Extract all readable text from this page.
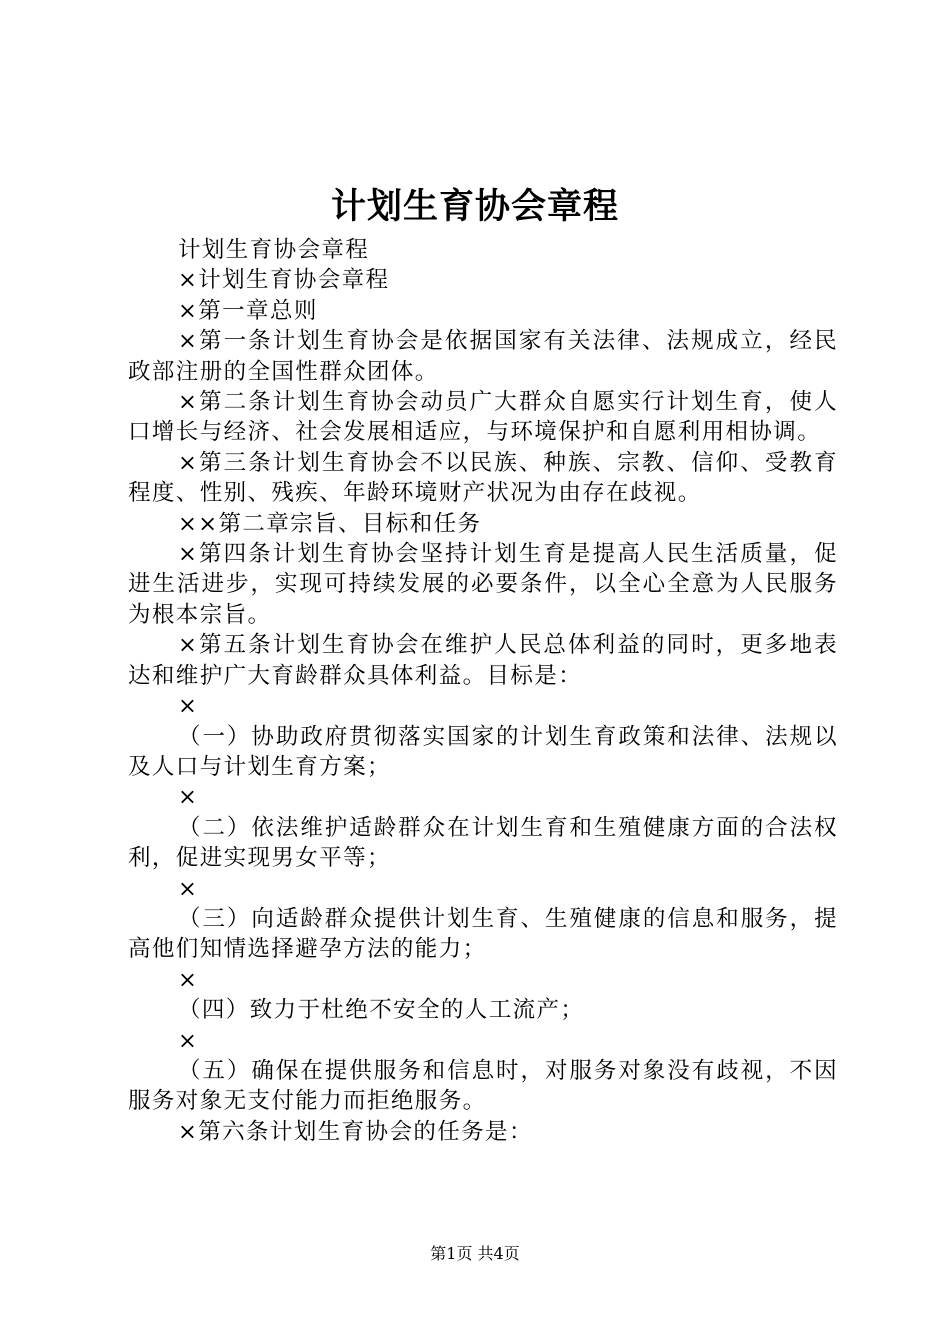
计划生育协会章程

计划生育协会章程

×计划生育协会章程

×第一章总则

×第一条计划生育协会是依据国家有关法律、法规成立，经民政部注册的全国性群众团体。

×第二条计划生育协会动员广大群众自愿实行计划生育，使人口增长与经济、社会发展相适应，与环境保护和自愿利用相协调。

×第三条计划生育协会不以民族、种族、宗教、信仰、受教育程度、性别、残疾、年龄环境财产状况为由存在歧视。

××第二章宗旨、目标和任务

×第四条计划生育协会坚持计划生育是提高人民生活质量，促进生活进步，实现可持续发展的必要条件，以全心全意为人民服务为根本宗旨。

×第五条计划生育协会在维护人民总体利益的同时，更多地表达和维护广大育龄群众具体利益。目标是：

×

（一）协助政府贯彻落实国家的计划生育政策和法律、法规以及人口与计划生育方案；

×

（二）依法维护适龄群众在计划生育和生殖健康方面的合法权利，促进实现男女平等；

×

（三）向适龄群众提供计划生育、生殖健康的信息和服务，提高他们知情选择避孕方法的能力；

×

（四）致力于杜绝不安全的人工流产；

×

（五）确保在提供服务和信息时，对服务对象没有歧视，不因服务对象无支付能力而拒绝服务。

×第六条计划生育协会的任务是：

第1页 共4页
